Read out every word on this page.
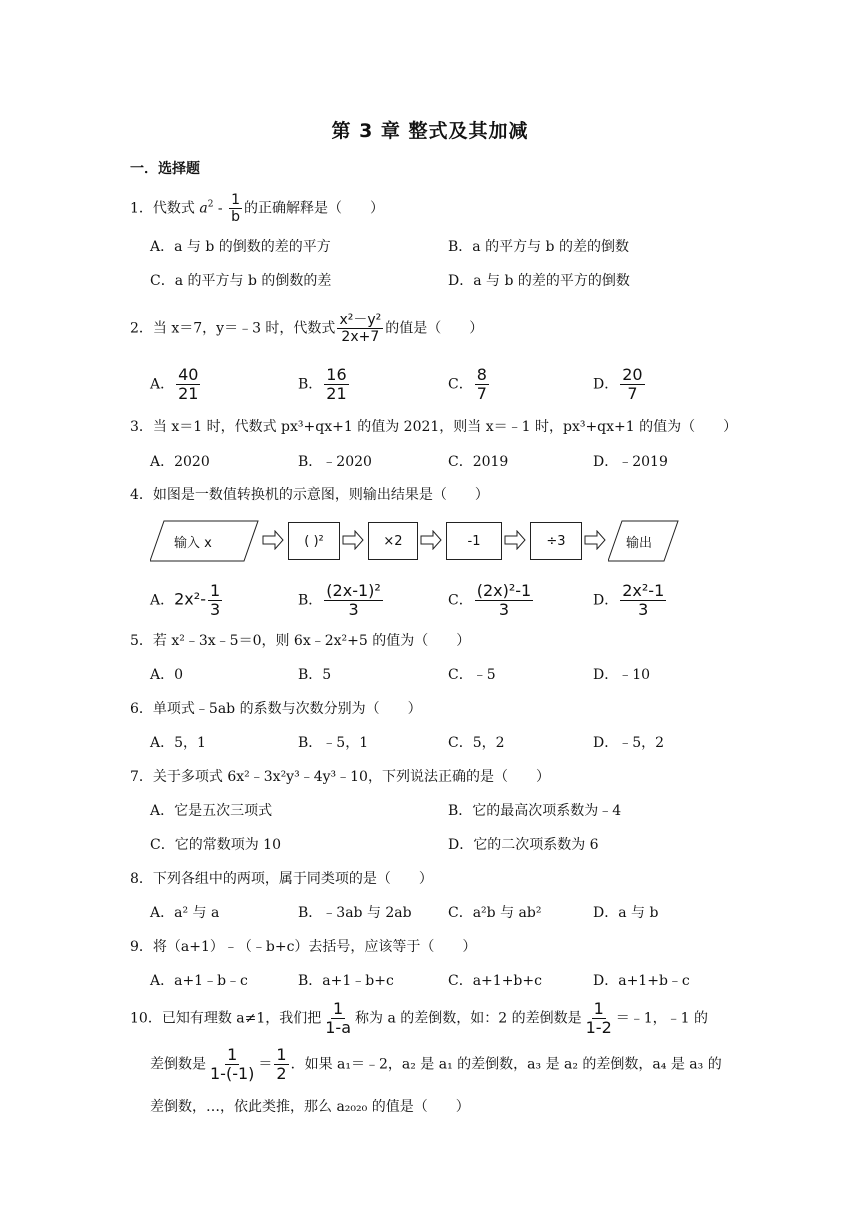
第 3 章 整式及其加减
一．选择题
1．代数式 $a^2 - \frac{1}{b}$ 的正确解释是（　　）
A．a 与 b 的倒数的差的平方	B．a 的平方与 b 的差的倒数
C．a 的平方与 b 的倒数的差	D．a 与 b 的差的平方的倒数
2．当 x＝7，y＝﹣3 时，代数式 $\frac{\text{x²－y²}}{2x+7}$ 的值是（　　）
A． $\frac{40}{21}$	B． $\frac{16}{21}$	C． $\frac{8}{7}$	D． $\frac{20}{7}$
3．当 x＝1 时，代数式 px³+qx+1 的值为 2021，则当 x＝﹣1 时，px³+qx+1 的值为（　　）
A．2020	B．﹣2020	C．2019	D．﹣2019
4．如图是一数值转换机的示意图，则输出结果是（　　）
输入 x	( )²	×2	-1	÷3	输出
A．$2x^2- \frac{1}{3}$	B． $\frac{\text{(2x-1)²}}{3}$	C． $\frac{\text{(2x)²-1}}{3}$	D． $\frac{\text{2x²-1}}{3}$
5．若 x²﹣3x﹣5＝0，则 6x﹣2x²+5 的值为（　　）
A．0	B．5	C．﹣5	D．﹣10
6．单项式﹣5ab 的系数与次数分别为（　　）
A．5，1	B．﹣5，1	C．5，2	D．﹣5，2
7．关于多项式 6x²﹣3x²y³﹣4y³﹣10，下列说法正确的是（　　）
A．它是五次三项式	B．它的最高次项系数为﹣4
C．它的常数项为 10	D．它的二次项系数为 6
8．下列各组中的两项，属于同类项的是（　　）
A．a² 与 a	B．﹣3ab 与 2ab	C．a²b 与 ab²	D．a 与 b
9．将（a+1）﹣（﹣b+c）去括号，应该等于（　　）
A．a+1﹣b﹣c	B．a+1﹣b+c	C．a+1+b+c	D．a+1+b﹣c
10．已知有理数 a≠1，我们把 $\frac{1}{1-a}$ 称为 a 的差倒数，如：2 的差倒数是 $\frac{1}{1-2}$ ＝﹣1，﹣1 的
差倒数是 $\frac{1}{1-(-1)} = \frac{1}{2}$ ．如果 a₁＝﹣2，a₂ 是 a₁ 的差倒数，a₃ 是 a₂ 的差倒数，a₄ 是 a₃ 的
差倒数，…，依此类推，那么 a₂₀₂₀ 的值是（　　）
